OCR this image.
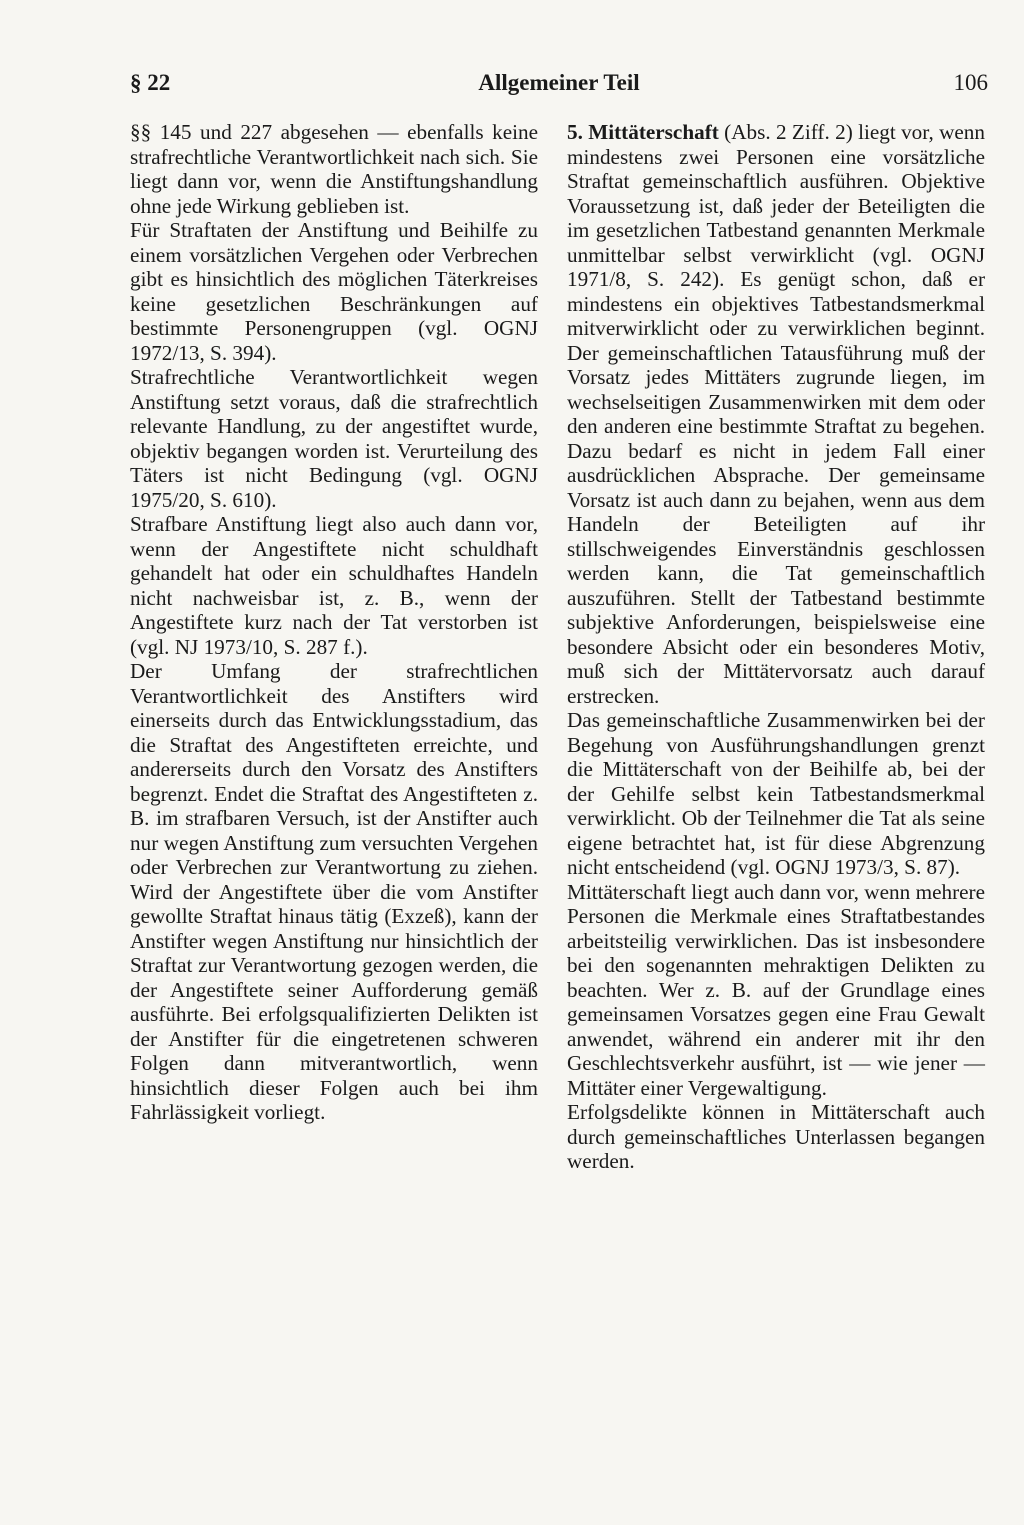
Allgemeiner Teil
§ 22	106

§§ 145 und 227 abgesehen — ebenfalls keine strafrechtliche Verantwortlichkeit nach sich. Sie liegt dann vor, wenn die Anstiftungshandlung ohne jede Wirkung geblieben ist.

Für Straftaten der Anstiftung und Beihilfe zu einem vorsätzlichen Vergehen oder Verbrechen gibt es hinsichtlich des möglichen Täterkreises keine gesetzlichen Beschränkungen auf bestimmte Personengruppen (vgl. OGNJ 1972/13, S. 394).

Strafrechtliche Verantwortlichkeit wegen Anstiftung setzt voraus, daß die strafrechtlich relevante Handlung, zu der angestiftet wurde, objektiv begangen worden ist. Verurteilung des Täters ist nicht Bedingung (vgl. OGNJ 1975/20, S. 610).

Strafbare Anstiftung liegt also auch dann vor, wenn der Angestiftete nicht schuldhaft gehandelt hat oder ein schuldhaftes Handeln nicht nachweisbar ist, z. B., wenn der Angestiftete kurz nach der Tat verstorben ist (vgl. NJ 1973/10, S. 287 f.).

Der Umfang der strafrechtlichen Verantwortlichkeit des Anstifters wird einerseits durch das Entwicklungsstadium, das die Straftat des Angestifteten erreichte, und andererseits durch den Vorsatz des Anstifters begrenzt. Endet die Straftat des Angestifteten z. B. im strafbaren Versuch, ist der Anstifter auch nur wegen Anstiftung zum versuchten Vergehen oder Verbrechen zur Verantwortung zu ziehen. Wird der Angestiftete über die vom Anstifter gewollte Straftat hinaus tätig (Exzeß), kann der Anstifter wegen Anstiftung nur hinsichtlich der Straftat zur Verantwortung gezogen werden, die der Angestiftete seiner Aufforderung gemäß ausführte. Bei erfolgsqualifizierten Delikten ist der Anstifter für die eingetretenen schweren Folgen dann mitverantwortlich, wenn hinsichtlich dieser Folgen auch bei ihm Fahrlässigkeit vorliegt.

5. Mittäterschaft (Abs. 2 Ziff. 2) liegt vor, wenn mindestens zwei Personen eine vorsätzliche Straftat gemeinschaftlich ausführen. Objektive Voraussetzung ist, daß jeder der Beteiligten die im gesetzlichen Tatbestand genannten Merkmale unmittelbar selbst verwirklicht (vgl. OGNJ 1971/8, S. 242). Es genügt schon, daß er mindestens ein objektives Tatbestandsmerkmal mitverwirklicht oder zu verwirklichen beginnt. Der gemeinschaftlichen Tatausführung muß der Vorsatz jedes Mittäters zugrunde liegen, im wechselseitigen Zusammenwirken mit dem oder den anderen eine bestimmte Straftat zu begehen. Dazu bedarf es nicht in jedem Fall einer ausdrücklichen Absprache. Der gemeinsame Vorsatz ist auch dann zu bejahen, wenn aus dem Handeln der Beteiligten auf ihr stillschweigendes Einverständnis geschlossen werden kann, die Tat gemeinschaftlich auszuführen. Stellt der Tatbestand bestimmte subjektive Anforderungen, beispielsweise eine besondere Absicht oder ein besonderes Motiv, muß sich der Mittätervorsatz auch darauf erstrecken.

Das gemeinschaftliche Zusammenwirken bei der Begehung von Ausführungshandlungen grenzt die Mittäterschaft von der Beihilfe ab, bei der der Gehilfe selbst kein Tatbestandsmerkmal verwirklicht. Ob der Teilnehmer die Tat als seine eigene betrachtet hat, ist für diese Abgrenzung nicht entscheidend (vgl. OGNJ 1973/3, S. 87).

Mittäterschaft liegt auch dann vor, wenn mehrere Personen die Merkmale eines Straftatbestandes arbeitsteilig verwirklichen. Das ist insbesondere bei den sogenannten mehraktigen Delikten zu beachten. Wer z. B. auf der Grundlage eines gemeinsamen Vorsatzes gegen eine Frau Gewalt anwendet, während ein anderer mit ihr den Geschlechtsverkehr ausführt, ist — wie jener — Mittäter einer Vergewaltigung.

Erfolgsdelikte können in Mittäterschaft auch durch gemeinschaftliches Unterlassen begangen werden.
